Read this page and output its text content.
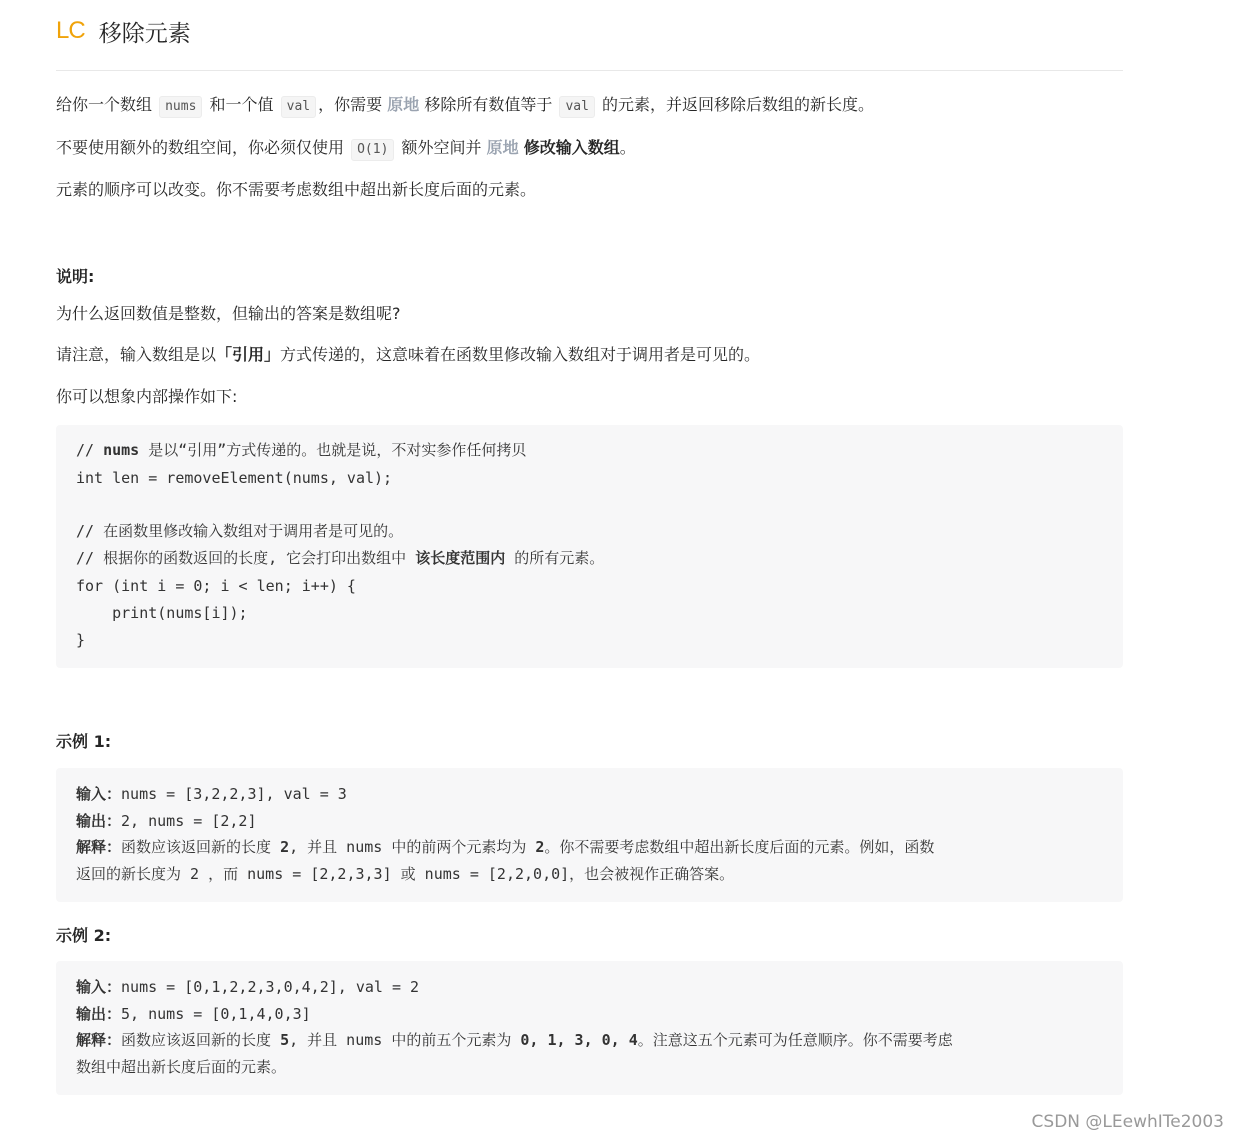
LC 移除元素
给你一个数组 nums 和一个值 val ，你需要 原地 移除所有数值等于 val 的元素，并返回移除后数组的新长度。
不要使用额外的数组空间，你必须仅使用 O(1) 额外空间并 原地 修改输入数组。
元素的顺序可以改变。你不需要考虑数组中超出新长度后面的元素。
说明:
为什么返回数值是整数，但输出的答案是数组呢?
请注意，输入数组是以「引用」方式传递的，这意味着在函数里修改输入数组对于调用者是可见的。
你可以想象内部操作如下:
// nums 是以“引用”方式传递的。也就是说，不对实参作任何拷贝
int len = removeElement(nums, val);
// 在函数里修改输入数组对于调用者是可见的。
// 根据你的函数返回的长度, 它会打印出数组中 该长度范围内 的所有元素。
for (int i = 0; i < len; i++) {
print(nums[i]);
}
示例 1:
输入：nums = [3,2,2,3], val = 3
输出：2, nums = [2,2]
解释：函数应该返回新的长度 2, 并且 nums 中的前两个元素均为 2。你不需要考虑数组中超出新长度后面的元素。例如，函数
返回的新长度为 2 ，而 nums = [2,2,3,3] 或 nums = [2,2,0,0]，也会被视作正确答案。
示例 2:
输入：nums = [0,1,2,2,3,0,4,2], val = 2
输出：5, nums = [0,1,4,0,3]
解释：函数应该返回新的长度 5, 并且 nums 中的前五个元素为 0, 1, 3, 0, 4。注意这五个元素可为任意顺序。你不需要考虑
数组中超出新长度后面的元素。
CSDN @LEewhITe2003
